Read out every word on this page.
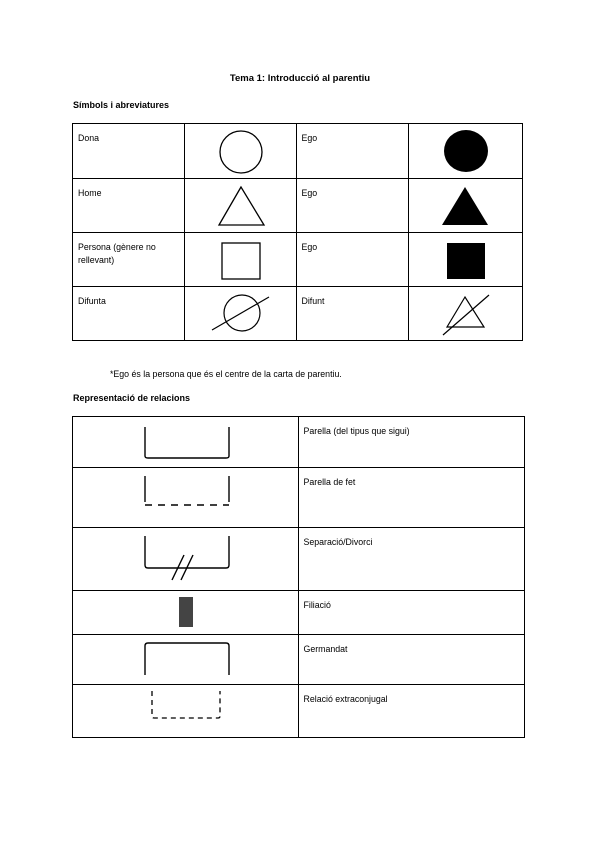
Tema 1: Introducció al parentiu
Símbols i abreviatures
Dona		Ego

Home		Ego

Persona (gènere no rellevant)		Ego

Difunta		Difunt

*Ego és la persona que és el centre de la carta de parentiu.
Representació de relacions

Parella (del tipus que sigui)

Parella de fet

Separació/Divorci

Filiació

Germandat

Relació extraconjugal
